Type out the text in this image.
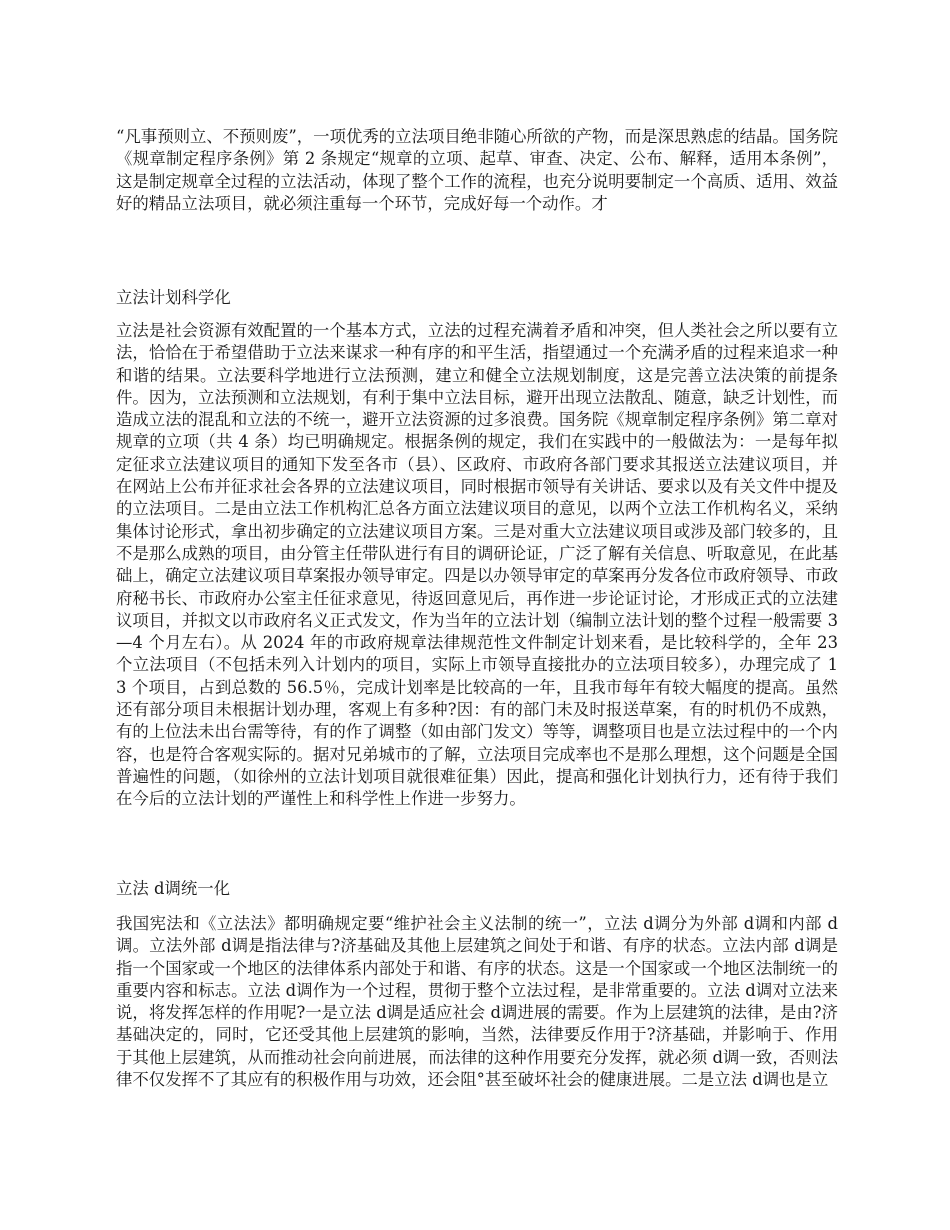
“凡事预则立、不预则废”，一项优秀的立法项目绝非随心所欲的产物，而是深思熟虑的结晶。国务院《规章制定程序条例》第 2 条规定“规章的立项、起草、审查、决定、公布、解释，适用本条例”，这是制定规章全过程的立法活动，体现了整个工作的流程，也充分说明要制定一个高质、适用、效益好的精品立法项目，就必须注重每一个环节，完成好每一个动作。才

立法计划科学化

立法是社会资源有效配置的一个基本方式，立法的过程充满着矛盾和冲突，但人类社会之所以要有立法，恰恰在于希望借助于立法来谋求一种有序的和平生活，指望通过一个充满矛盾的过程来追求一种和谐的结果。立法要科学地进行立法预测，建立和健全立法规划制度，这是完善立法决策的前提条件。因为，立法预测和立法规划，有利于集中立法目标，避开出现立法散乱、随意，缺乏计划性，而造成立法的混乱和立法的不统一，避开立法资源的过多浪费。国务院《规章制定程序条例》第二章对规章的立项（共 4 条）均已明确规定。根据条例的规定，我们在实践中的一般做法为：一是每年拟定征求立法建议项目的通知下发至各市（县）、区政府、市政府各部门要求其报送立法建议项目，并在网站上公布并征求社会各界的立法建议项目，同时根据市领导有关讲话、要求以及有关文件中提及的立法项目。二是由立法工作机构汇总各方面立法建议项目的意见，以两个立法工作机构名义，采纳集体讨论形式，拿出初步确定的立法建议项目方案。三是对重大立法建议项目或涉及部门较多的，且不是那么成熟的项目，由分管主任带队进行有目的调研论证，广泛了解有关信息、听取意见，在此基础上，确定立法建议项目草案报办领导审定。四是以办领导审定的草案再分发各位市政府领导、市政府秘书长、市政府办公室主任征求意见，待返回意见后，再作进一步论证讨论，才形成正式的立法建议项目，并拟文以市政府名义正式发文，作为当年的立法计划（编制立法计划的整个过程一般需要 3—4 个月左右）。从 2024 年的市政府规章法律规范性文件制定计划来看，是比较科学的，全年 23 个立法项目（不包括未列入计划内的项目，实际上市领导直接批办的立法项目较多），办理完成了 13 个项目，占到总数的 56.5％，完成计划率是比较高的一年，且我市每年有较大幅度的提高。虽然还有部分项目未根据计划办理，客观上有多种?因：有的部门未及时报送草案，有的时机仍不成熟，有的上位法未出台需等待，有的作了调整（如由部门发文）等等，调整项目也是立法过程中的一个内容，也是符合客观实际的。据对兄弟城市的了解，立法项目完成率也不是那么理想，这个问题是全国普遍性的问题，（如徐州的立法计划项目就很难征集）因此，提高和强化计划执行力，还有待于我们在今后的立法计划的严谨性上和科学性上作进一步努力。

立法 d调统一化

我国宪法和《立法法》都明确规定要“维护社会主义法制的统一”，立法 d调分为外部 d调和内部 d调。立法外部 d调是指法律与?济基础及其他上层建筑之间处于和谐、有序的状态。立法内部 d调是指一个国家或一个地区的法律体系内部处于和谐、有序的状态。这是一个国家或一个地区法制统一的重要内容和标志。立法 d调作为一个过程，贯彻于整个立法过程，是非常重要的。立法 d调对立法来说，将发挥怎样的作用呢?一是立法 d调是适应社会 d调进展的需要。作为上层建筑的法律，是由?济基础决定的，同时，它还受其他上层建筑的影响，当然，法律要反作用于?济基础，并影响于、作用于其他上层建筑，从而推动社会向前进展，而法律的这种作用要充分发挥，就必须 d调一致，否则法律不仅发挥不了其应有的积极作用与功效，还会阻°甚至破坏社会的健康进展。二是立法 d调也是立
